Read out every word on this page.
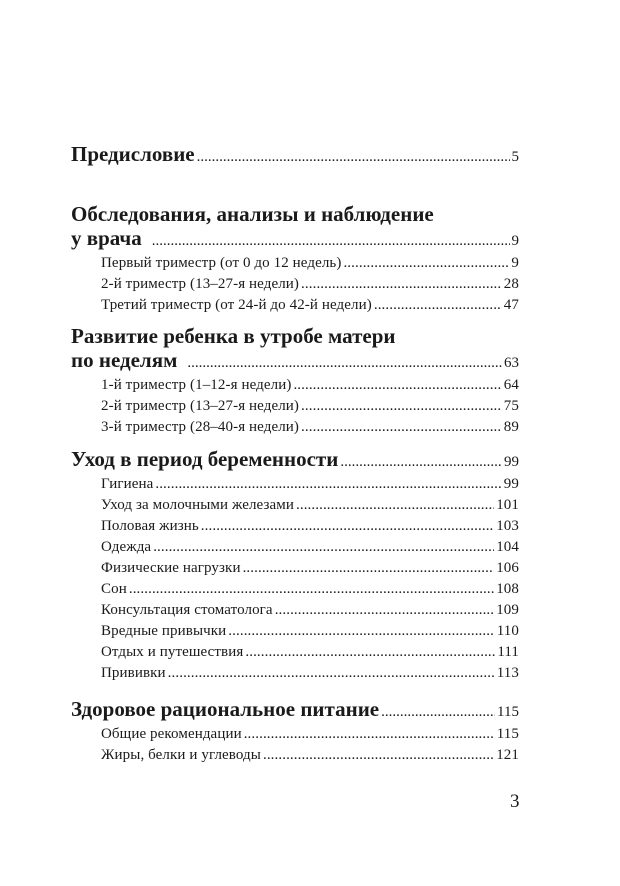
Предисловие .....	5
Обследования, анализы и наблюдение
у врача .....	9
Первый триместр (от 0 до 12 недель) .....	9
2-й триместр (13–27-я недели) .....	28
Третий триместр (от 24-й до 42-й недели) .....	47
Развитие ребенка в утробе матери
по неделям .....	63
1-й триместр (1–12-я недели) .....	64
2-й триместр (13–27-я недели) .....	75
3-й триместр (28–40-я недели) .....	89
Уход в период беременности .....	99
Гигиена .....	99
Уход за молочными железами .....	101
Половая жизнь .....	103
Одежда .....	104
Физические нагрузки .....	106
Сон .....	108
Консультация стоматолога .....	109
Вредные привычки .....	110
Отдых и путешествия .....	111
Прививки .....	113
Здоровое рациональное питание .....	115
Общие рекомендации .....	115
Жиры, белки и углеводы .....	121
3
